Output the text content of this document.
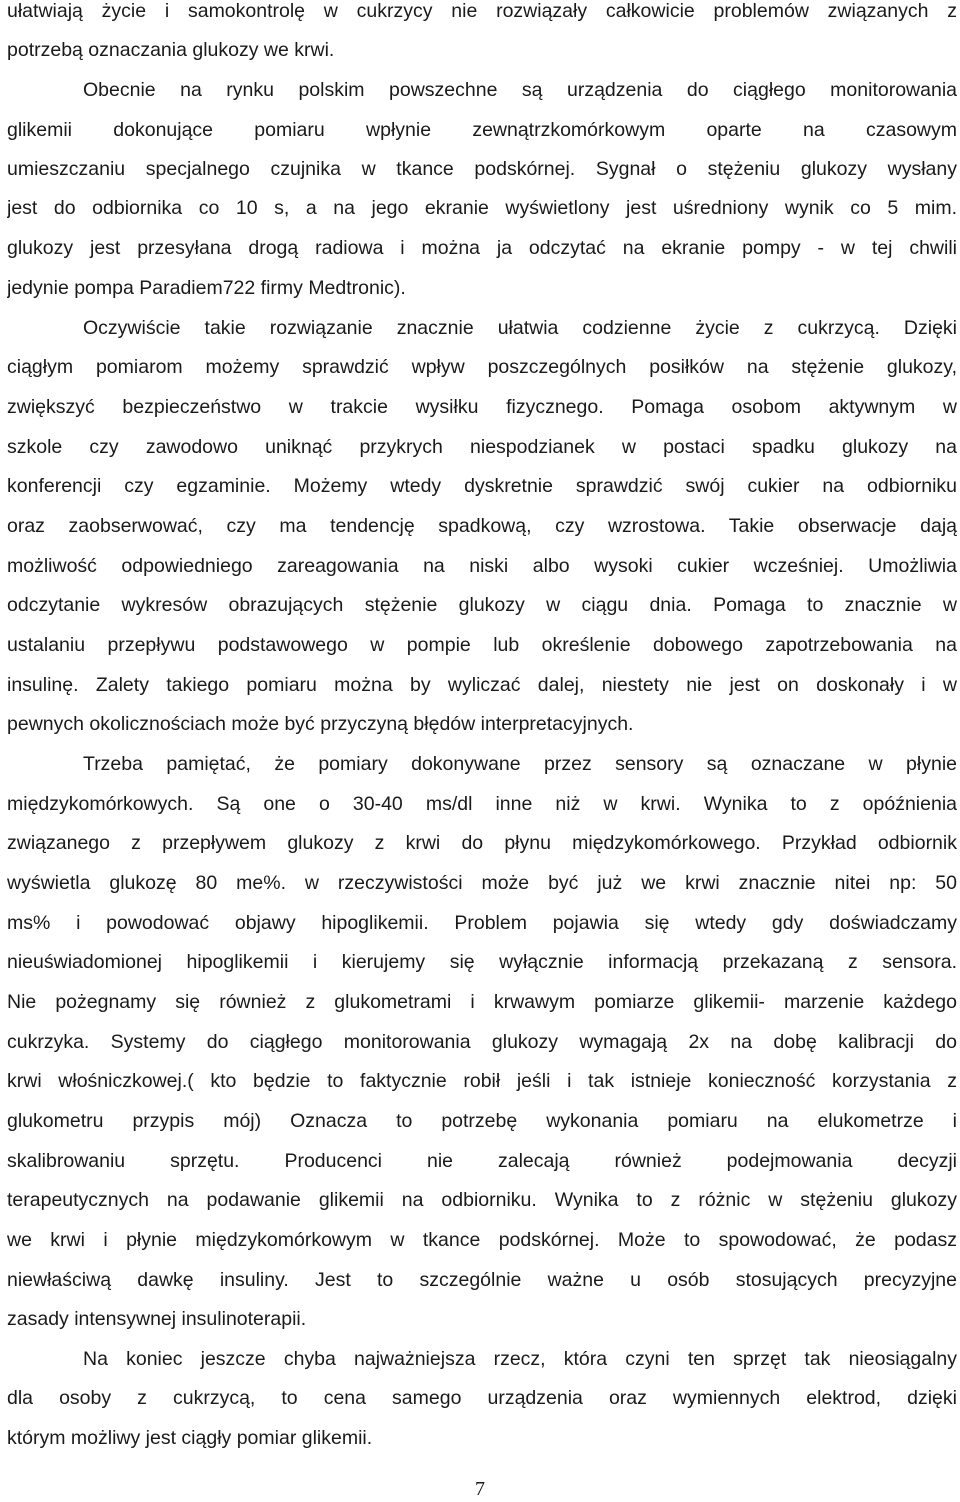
ułatwiają życie i samokontrolę w cukrzycy nie rozwiązały całkowicie problemów związanych z
potrzebą oznaczania glukozy we krwi.
Obecnie na rynku polskim powszechne są urządzenia do ciągłego monitorowania
glikemii dokonujące pomiaru wpłynie zewnątrzkomórkowym oparte na czasowym
umieszczaniu specjalnego czujnika w tkance podskórnej. Sygnał o stężeniu glukozy wysłany
jest do odbiornika co 10 s, a na jego ekranie wyświetlony jest uśredniony wynik co 5 mim.
glukozy jest przesyłana drogą radiowa i można ja odczytać na ekranie pompy - w tej chwili
jedynie pompa Paradiem722 firmy Medtronic).
Oczywiście takie rozwiązanie znacznie ułatwia codzienne życie z cukrzycą. Dzięki
ciągłym pomiarom możemy sprawdzić wpływ poszczególnych posiłków na stężenie glukozy,
zwiększyć bezpieczeństwo w trakcie wysiłku fizycznego. Pomaga osobom aktywnym w
szkole czy zawodowo uniknąć przykrych niespodzianek w postaci spadku glukozy na
konferencji czy egzaminie. Możemy wtedy dyskretnie sprawdzić swój cukier na odbiorniku
oraz zaobserwować, czy ma tendencję spadkową, czy wzrostowa. Takie obserwacje dają
możliwość odpowiedniego zareagowania na niski albo wysoki cukier wcześniej. Umożliwia
odczytanie wykresów obrazujących stężenie glukozy w ciągu dnia. Pomaga to znacznie w
ustalaniu przepływu podstawowego w pompie lub określenie dobowego zapotrzebowania na
insulinę. Zalety takiego pomiaru można by wyliczać dalej, niestety nie jest on doskonały i w
pewnych okolicznościach może być przyczyną błędów interpretacyjnych.
Trzeba pamiętać, że pomiary dokonywane przez sensory są oznaczane w płynie
międzykomórkowych. Są one o 30-40 ms/dl inne niż w krwi. Wynika to z opóźnienia
związanego z przepływem glukozy z krwi do płynu międzykomórkowego. Przykład odbiornik
wyświetla glukozę 80 me%. w rzeczywistości może być już we krwi znacznie nitei np: 50
ms% i powodować objawy hipoglikemii. Problem pojawia się wtedy gdy doświadczamy
nieuświadomionej hipoglikemii i kierujemy się wyłącznie informacją przekazaną z sensora.
Nie pożegnamy się również z glukometrami i krwawym pomiarze glikemii- marzenie każdego
cukrzyka. Systemy do ciągłego monitorowania glukozy wymagają 2x na dobę kalibracji do
krwi włośniczkowej.( kto będzie to faktycznie robił jeśli i tak istnieje konieczność korzystania z
glukometru przypis mój) Oznacza to potrzebę wykonania pomiaru na elukometrze i
skalibrowaniu sprzętu. Producenci nie zalecają również podejmowania decyzji
terapeutycznych na podawanie glikemii na odbiorniku. Wynika to z różnic w stężeniu glukozy
we krwi i płynie międzykomórkowym w tkance podskórnej. Może to spowodować, że podasz
niewłaściwą dawkę insuliny. Jest to szczególnie ważne u osób stosujących precyzyjne
zasady intensywnej insulinoterapii.
Na koniec jeszcze chyba najważniejsza rzecz, która czyni ten sprzęt tak nieosiągalny
dla osoby z cukrzycą, to cena samego urządzenia oraz wymiennych elektrod, dzięki
którym możliwy jest ciągły pomiar glikemii.
7
